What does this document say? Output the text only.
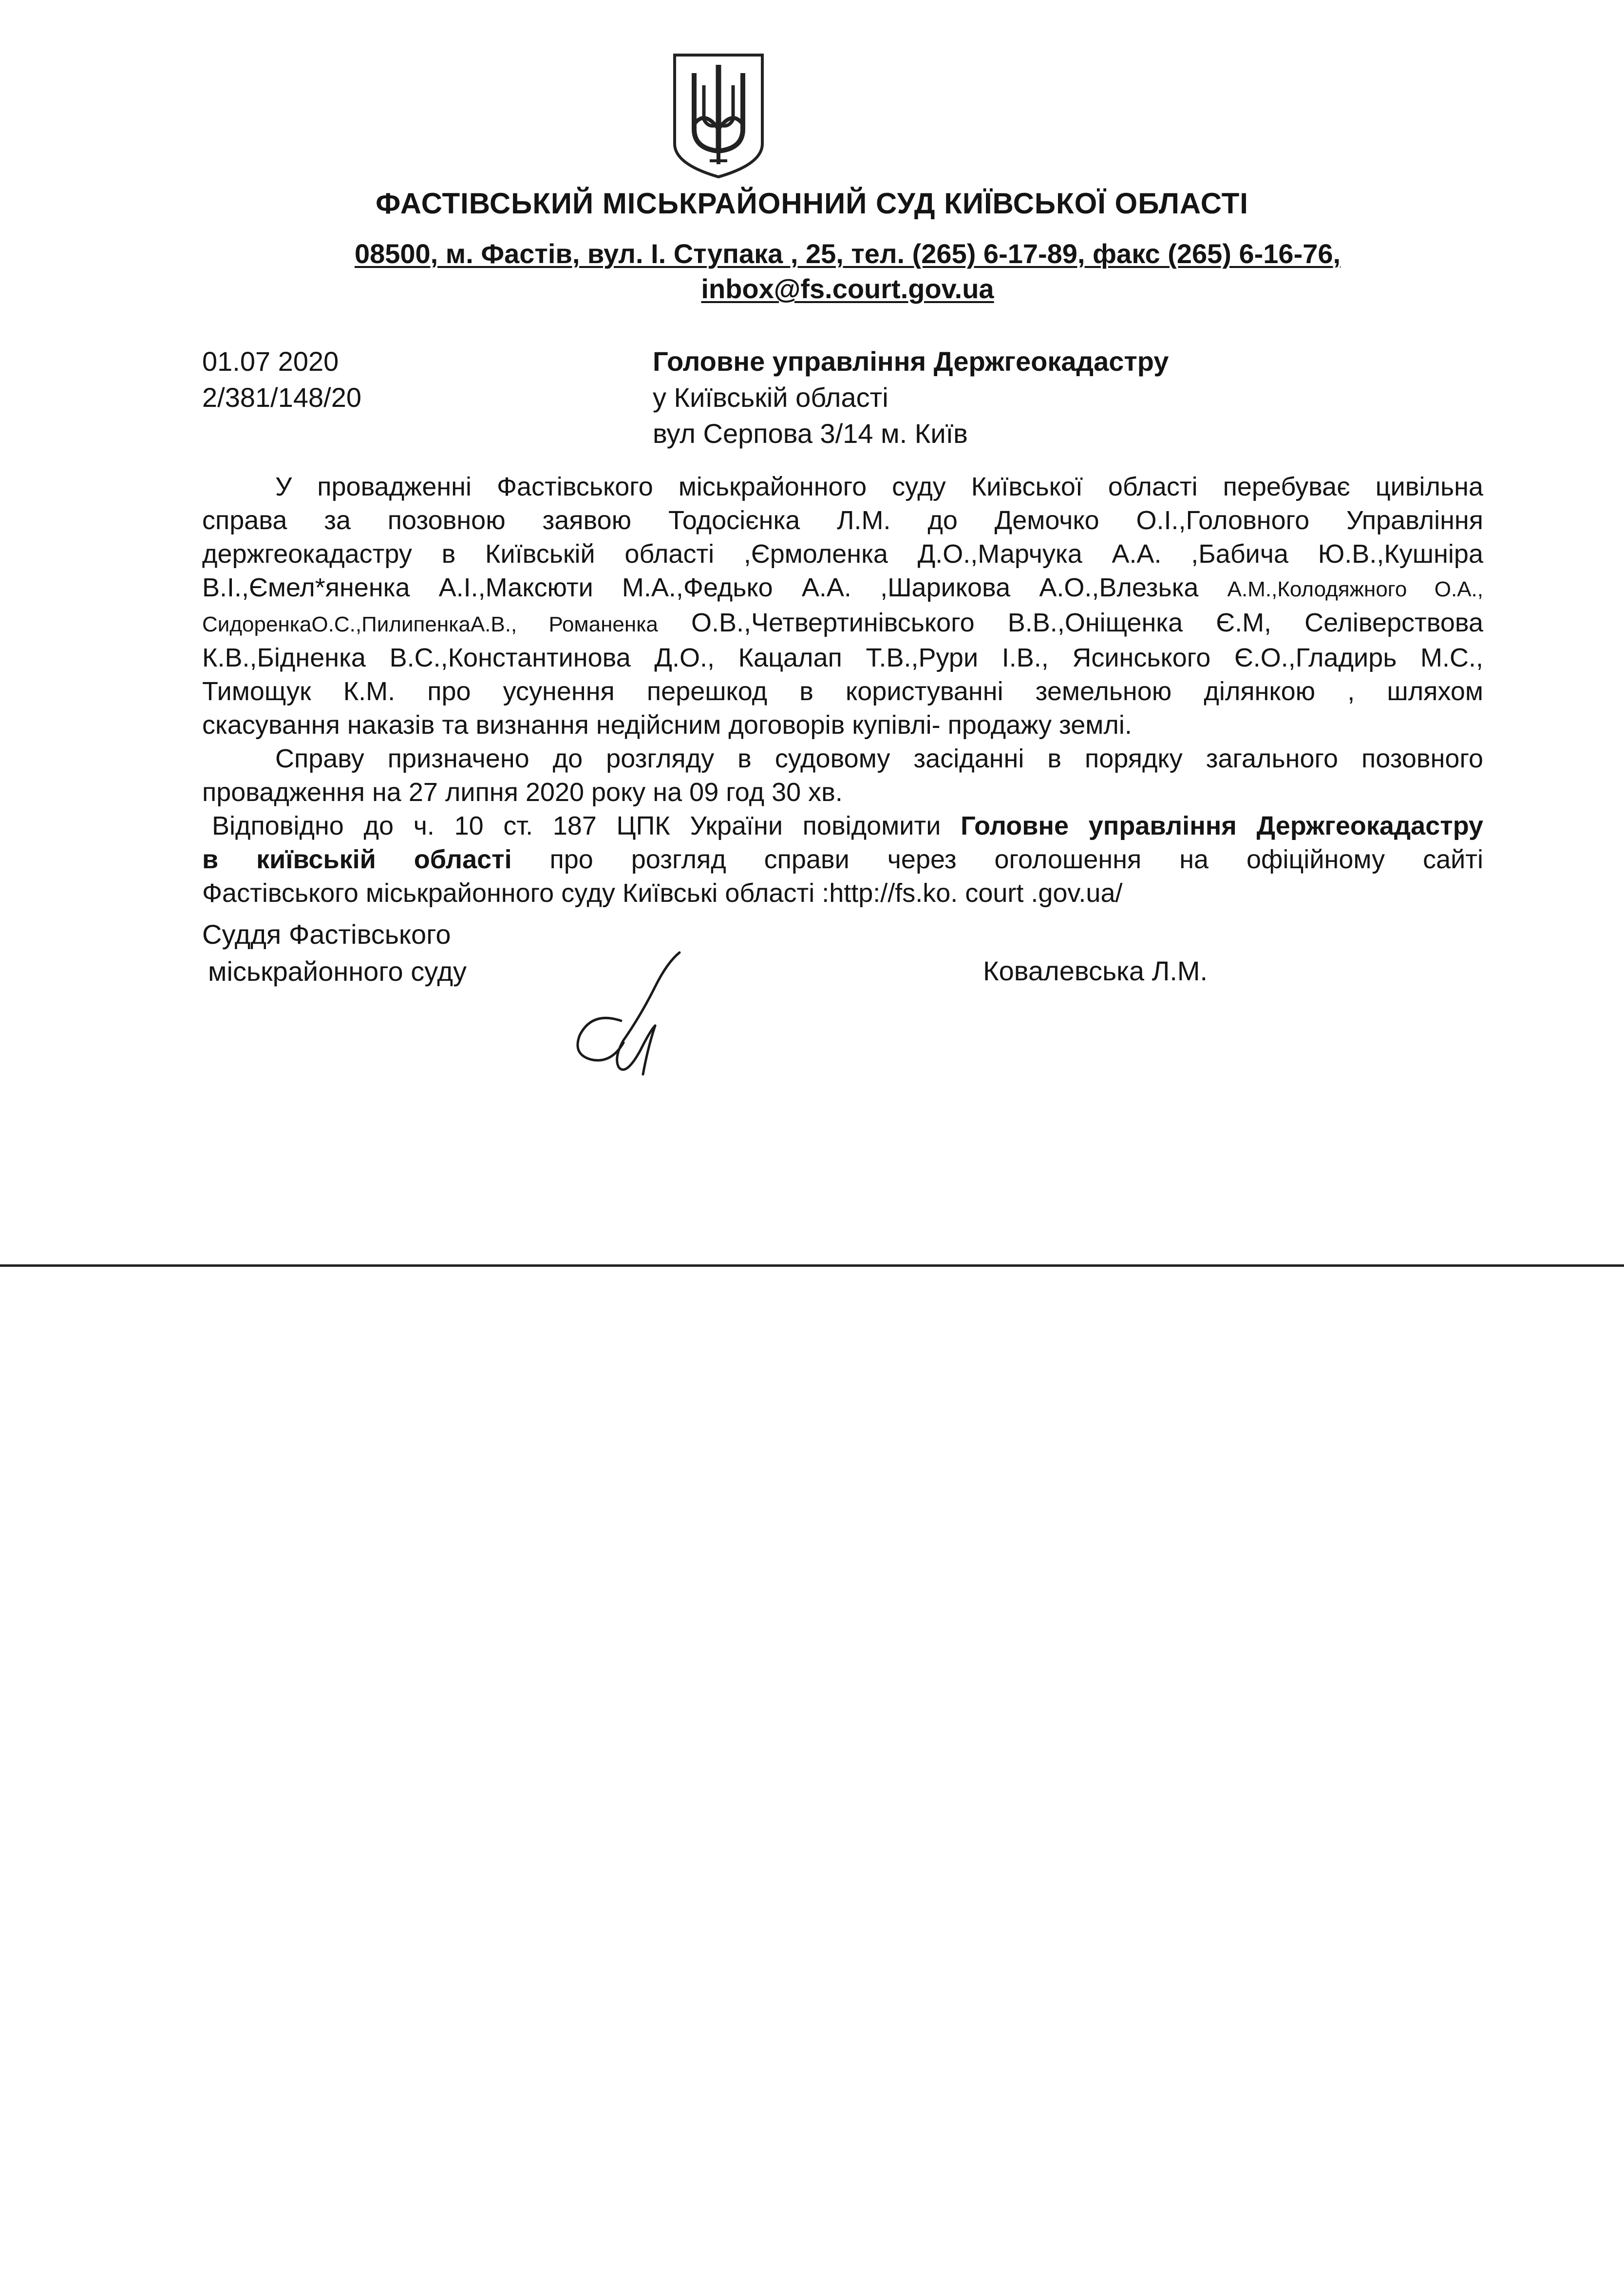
ФАСТІВСЬКИЙ МІСЬКРАЙОННИЙ СУД КИЇВСЬКОЇ ОБЛАСТІ
08500, м. Фастів, вул. І. Ступака , 25, тел. (265) 6-17-89, факс (265) 6-16-76,
inbox@fs.court.gov.ua
01.07 2020
2/381/148/20
Головне управління Держгеокадастру
у Київській області
вул Серпова 3/14 м. Київ

У провадженні Фастівського міськрайонного суду Київської області перебуває цивільна

справа за позовною заявою Тодосієнка Л.М. до Демочко О.І.,Головного Управління

держгеокадастру в Київській області ,Єрмоленка Д.О.,Марчука А.А. ,Бабича Ю.В.,Кушніра

В.І.,Ємел*яненка А.І.,Максюти М.А.,Федько А.А. ,Шарикова А.О.,Влезька А.М.,Колодяжного О.А.,

СидоренкаО.С.,ПилипенкаА.В., Романенка О.В.,Четвертинівського В.В.,Оніщенка Є.М, Селіверствова

К.В.,Бідненка В.С.,Константинова Д.О., Кацалап Т.В.,Рури І.В., Ясинського Є.О.,Гладирь М.С.,

Тимощук К.М. про усунення перешкод в користуванні земельною ділянкою , шляхом

скасування наказів та визнання недійсним договорів купівлі- продажу землі.

Справу призначено до розгляду в судовому засіданні в порядку загального позовного

провадження на 27 липня 2020 року на 09 год 30 хв.

Відповідно до ч. 10 ст. 187 ЦПК України повідомити Головне управління Держгеокадастру

в київській області про розгляд справи через оголошення на офіційному сайті

Фастівського міськрайонного суду Київські області :http://fs.ko. court .gov.ua/

Суддя Фастівського
міськрайонного суду	Ковалевська Л.М.
